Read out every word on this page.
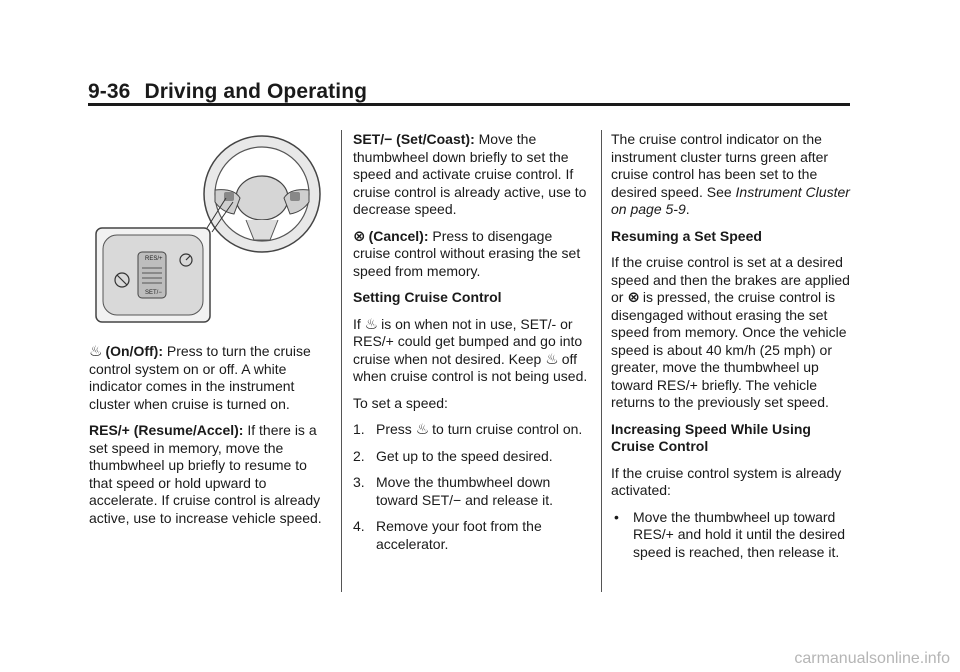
9-36 Driving and Operating
RES/+
SET/−

♨ (On/Off): Press to turn the cruise control system on or off. A white indicator comes in the instrument cluster when cruise is turned on.

RES/+ (Resume/Accel): If there is a set speed in memory, move the thumbwheel up briefly to resume to that speed or hold upward to accelerate. If cruise control is already active, use to increase vehicle speed.

SET/− (Set/Coast): Move the thumbwheel down briefly to set the speed and activate cruise control. If cruise control is already active, use to decrease speed.

⊗ (Cancel): Press to disengage cruise control without erasing the set speed from memory.

Setting Cruise Control

If ♨ is on when not in use, SET/- or RES/+ could get bumped and go into cruise when not desired. Keep ♨ off when cruise control is not being used.

To set a speed:

1. Press ♨ to turn cruise control on.
2. Get up to the speed desired.
3. Move the thumbwheel down toward SET/− and release it.
4. Remove your foot from the accelerator.

The cruise control indicator on the instrument cluster turns green after cruise control has been set to the desired speed. See Instrument Cluster on page 5-9.

Resuming a Set Speed

If the cruise control is set at a desired speed and then the brakes are applied or ⊗ is pressed, the cruise control is disengaged without erasing the set speed from memory. Once the vehicle speed is about 40 km/h (25 mph) or greater, move the thumbwheel up toward RES/+ briefly. The vehicle returns to the previously set speed.

Increasing Speed While Using Cruise Control

If the cruise control system is already activated:

• Move the thumbwheel up toward RES/+ and hold it until the desired speed is reached, then release it.
carmanualsonline.info
